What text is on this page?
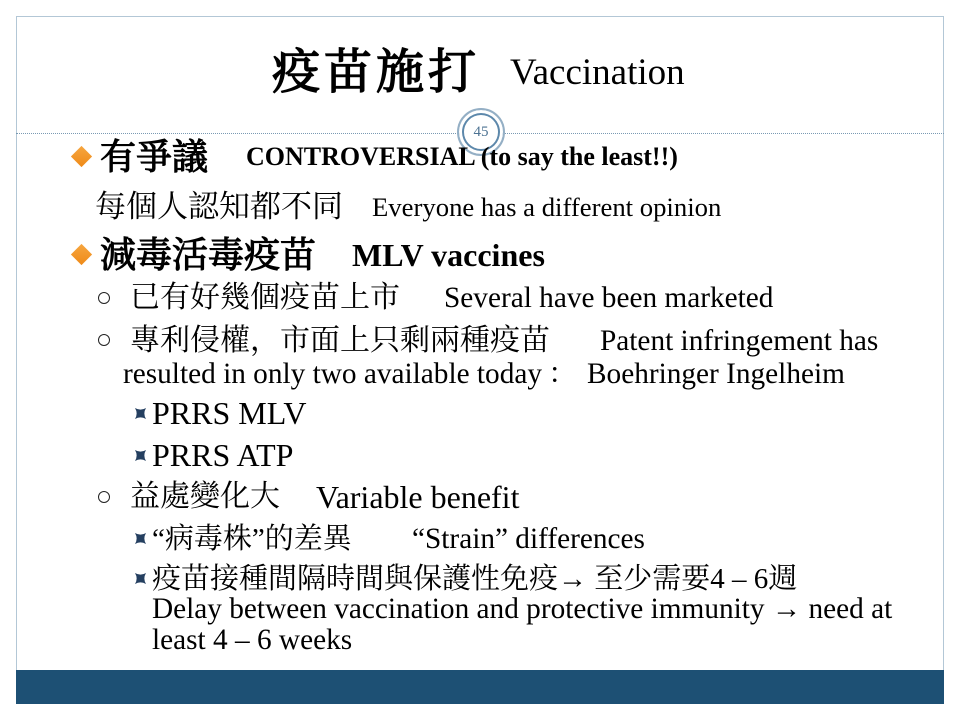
疫苗施打 Vaccination
45
有爭議 CONTROVERSIAL (to say the least!!)
每個人認知都不同 Everyone has a different opinion
減毒活毒疫苗 MLV vaccines
已有好幾個疫苗上市 Several have been marketed
專利侵權，市面上只剩兩種疫苗 Patent infringement has
resulted in only two available today ： Boehringer Ingelheim
PRRS MLV
PRRS ATP
益處變化大 Variable benefit
“病毒株”的差異 “Strain” differences
疫苗接種間隔時間與保護性免疫→ 至少需要4 – 6週
Delay between vaccination and protective immunity → need at
least 4 – 6 weeks
